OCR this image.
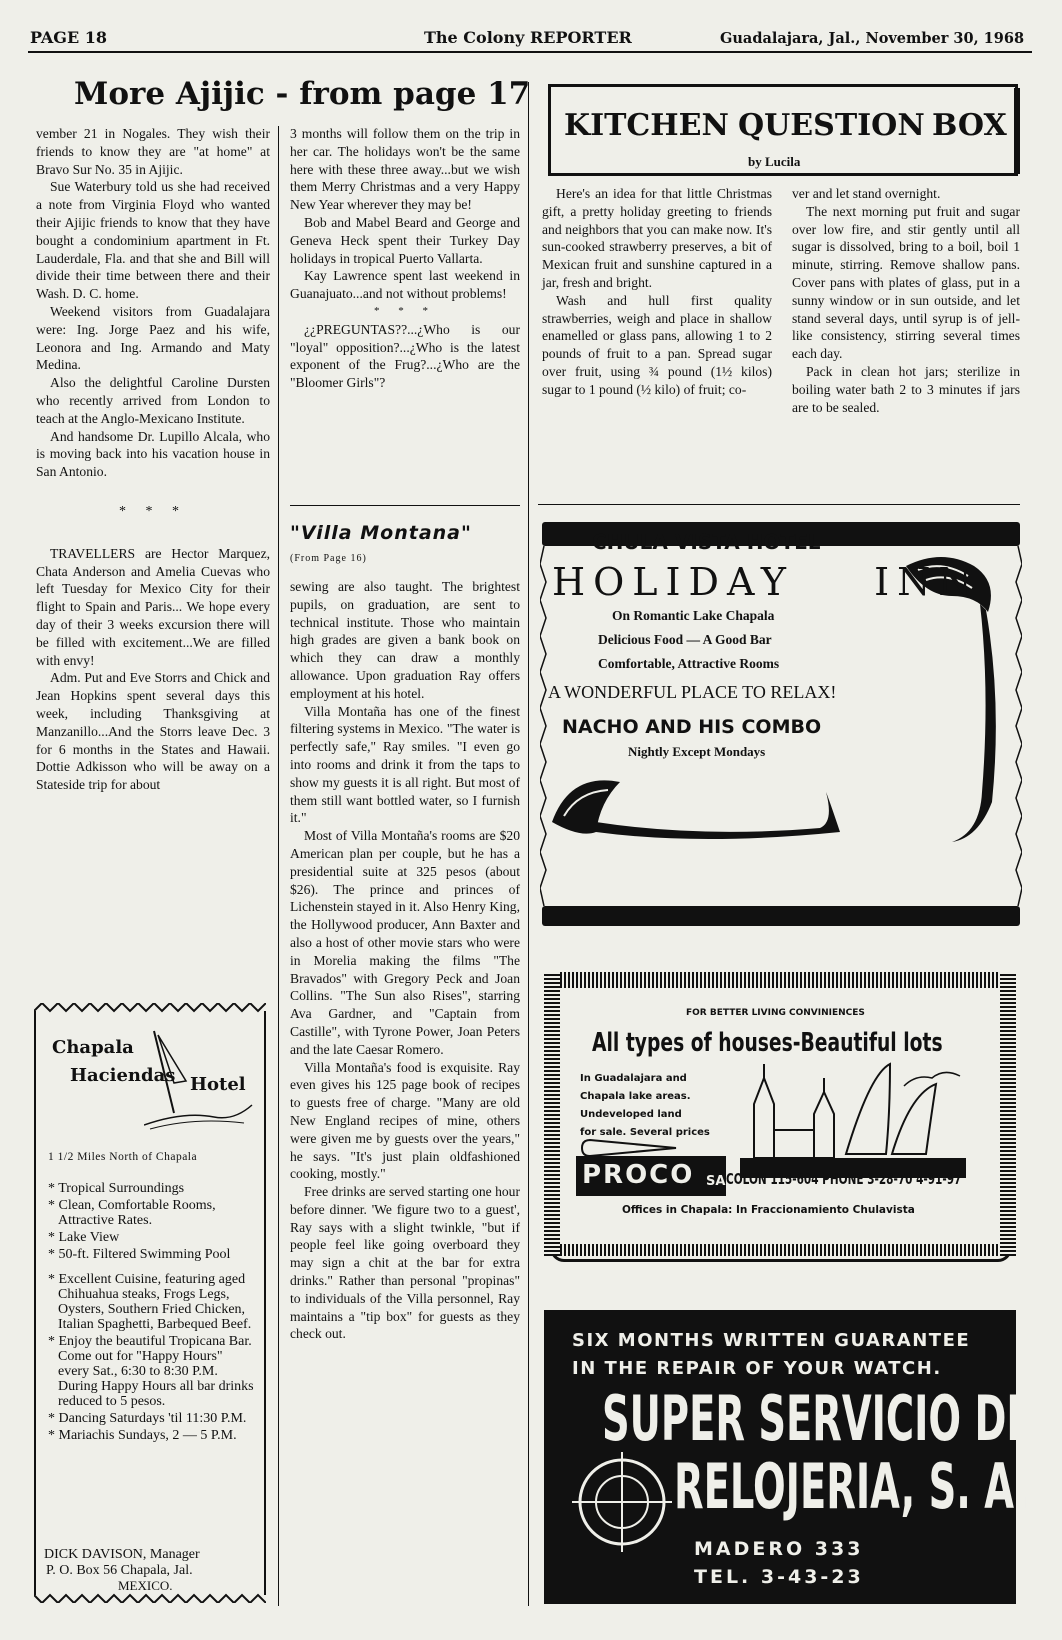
PAGE 18	The Colony REPORTER	Guadalajara, Jal., November 30, 1968
More Ajijic - from page 17

vember 21 in Nogales. They wish their friends to know they are "at home" at Bravo Sur No. 35 in Ajijic.

Sue Waterbury told us she had received a note from Virginia Floyd who wanted their Ajijic friends to know that they have bought a condominium apartment in Ft. Lauderdale, Fla. and that she and Bill will divide their time between there and their Wash. D. C. home.

Weekend visitors from Guadalajara were: Ing. Jorge Paez and his wife, Leonora and Ing. Armando and Maty Medina.

Also the delightful Caroline Dursten who recently arrived from London to teach at the Anglo-Mexicano Institute.

And handsome Dr. Lupillo Alcala, who is moving back into his vacation house in San Antonio.

* * *

TRAVELLERS are Hector Marquez, Chata Anderson and Amelia Cuevas who left Tuesday for Mexico City for their flight to Spain and Paris... We hope every day of their 3 weeks excursion there will be filled with excitement...We are filled with envy!

Adm. Put and Eve Storrs and Chick and Jean Hopkins spent several days this week, including Thanksgiving at Manzanillo...And the Storrs leave Dec. 3 for 6 months in the States and Hawaii. Dottie Adkisson who will be away on a Stateside trip for about

3 months will follow them on the trip in her car. The holidays won't be the same here with these three away...but we wish them Merry Christmas and a very Happy New Year wherever they may be!

Bob and Mabel Beard and George and Geneva Heck spent their Turkey Day holidays in tropical Puerto Vallarta.

Kay Lawrence spent last weekend in Guanajuato...and not without problems!

* * *

¿¿PREGUNTAS??...¿Who is our "loyal" opposition?...¿Who is the latest exponent of the Frug?...¿Who are the "Bloomer Girls"?

"Villa Montana"
(From Page 16)

sewing are also taught. The brightest pupils, on graduation, are sent to technical institute. Those who maintain high grades are given a bank book on which they can draw a monthly allowance. Upon graduation Ray offers employment at his hotel.

Villa Montaña has one of the finest filtering systems in Mexico. "The water is perfectly safe," Ray smiles. "I even go into rooms and drink it from the taps to show my guests it is all right. But most of them still want bottled water, so I furnish it."

Most of Villa Montaña's rooms are $20 American plan per couple, but he has a presidential suite at 325 pesos (about $26). The prince and princes of Lichenstein stayed in it. Also Henry King, the Hollywood producer, Ann Baxter and also a host of other movie stars who were in Morelia making the films "The Bravados" with Gregory Peck and Joan Collins. "The Sun also Rises", starring Ava Gardner, and "Captain from Castille", with Tyrone Power, Joan Peters and the late Caesar Romero.

Villa Montaña's food is exquisite. Ray even gives his 125 page book of recipes to guests free of charge. "Many are old New England recipes of mine, others were given me by guests over the years," he says. "It's just plain oldfashioned cooking, mostly."

Free drinks are served starting one hour before dinner. 'We figure two to a guest', Ray says with a slight twinkle, "but if people feel like going overboard they may sign a chit at the bar for extra drinks." Rather than personal "propinas" to individuals of the Villa personnel, Ray maintains a "tip box" for guests as they check out.

Chapala
Haciendas Hotel
1 1/2 Miles North of Chapala
* Tropical Surroundings
* Clean, Comfortable Rooms, Attractive Rates.
* Lake View
* 50-ft. Filtered Swimming Pool
* Excellent Cuisine, featuring aged Chihuahua steaks, Frogs Legs, Oysters, Southern Fried Chicken, Italian Spaghetti, Barbequed Beef.
* Enjoy the beautiful Tropicana Bar. Come out for "Happy Hours" every Sat., 6:30 to 8:30 P.M. During Happy Hours all bar drinks reduced to 5 pesos.
* Dancing Saturdays 'til 11:30 P.M.
* Mariachis Sundays, 2 — 5 P.M.
DICK DAVISON, Manager
P. O. Box 56 Chapala, Jal.
MEXICO.
KITCHEN QUESTION BOX
by Lucila

Here's an idea for that little Christmas gift, a pretty holiday greeting to friends and neighbors that you can make now. It's sun-cooked strawberry preserves, a bit of Mexican fruit and sunshine captured in a jar, fresh and bright.

Wash and hull first quality strawberries, weigh and place in shallow enamelled or glass pans, allowing 1 to 2 pounds of fruit to a pan. Spread sugar over fruit, using ¾ pound (1½ kilos) sugar to 1 pound (½ kilo) of fruit; co-

ver and let stand overnight.

The next morning put fruit and sugar over low fire, and stir gently until all sugar is dissolved, bring to a boil, boil 1 minute, stirring. Remove shallow pans. Cover pans with plates of glass, put in a sunny window or in sun outside, and let stand several days, until syrup is of jell-like consistency, stirring several times each day.

Pack in clean hot jars; sterilize in boiling water bath 2 to 3 minutes if jars are to be sealed.

CHULA VISTA HOTEL
HOLIDAY INN
On Romantic Lake Chapala
Delicious Food — A Good Bar
Comfortable, Attractive Rooms
A WONDERFUL PLACE TO RELAX!
NACHO AND HIS COMBO
Nightly Except Mondays
FOR BETTER LIVING CONVINIENCES
All types of houses-Beautiful lots
In Guadalajara and
Chapala lake areas.
Undeveloped land
for sale. Several prices
PROCO SA COLON 115-604 PHONE 3-28-70 4-91-97
Offices in Chapala: In Fraccionamiento Chulavista
SIX MONTHS WRITTEN GUARANTEE
IN THE REPAIR OF YOUR WATCH.
SUPER SERVICIO DE
RELOJERIA, S. A.
MADERO 333
TEL. 3-43-23
